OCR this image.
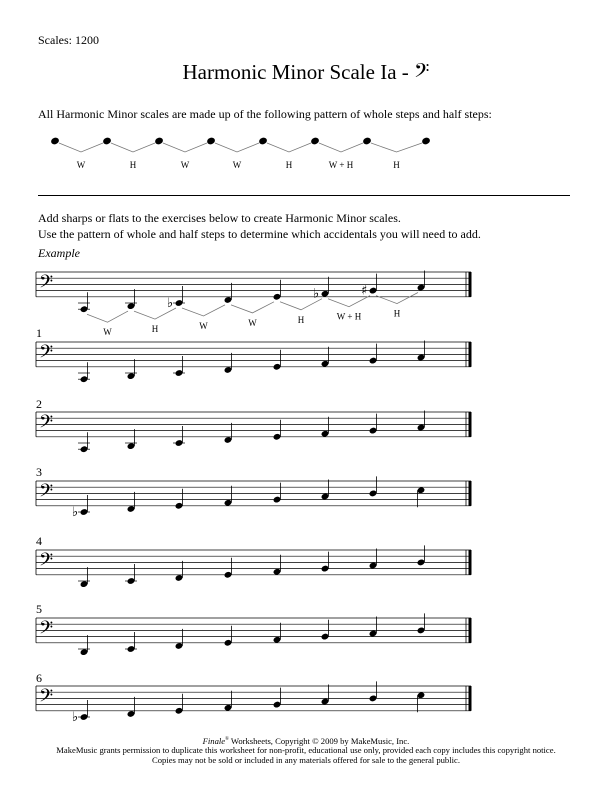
Scales: 1200
Harmonic Minor Scale Ia - 𝄢
All Harmonic Minor scales are made up of the following pattern of whole steps and half steps:
W	H	W	W	H	W + H	H
Add sharps or flats to the exercises below to create Harmonic Minor scales.
Use the pattern of whole and half steps to determine which accidentals you will need to add.
Example
1
2
3
4
5
6
𝄢
♭
♭	♯
W	H	W	W	H	W + H	H
𝄢
𝄢
𝄢
♭
𝄢
𝄢
𝄢
♭
Finale® Worksheets, Copyright © 2009 by MakeMusic, Inc.
MakeMusic grants permission to duplicate this worksheet for non-profit, educational use only, provided each copy includes this copyright notice.
Copies may not be sold or included in any materials offered for sale to the general public.
